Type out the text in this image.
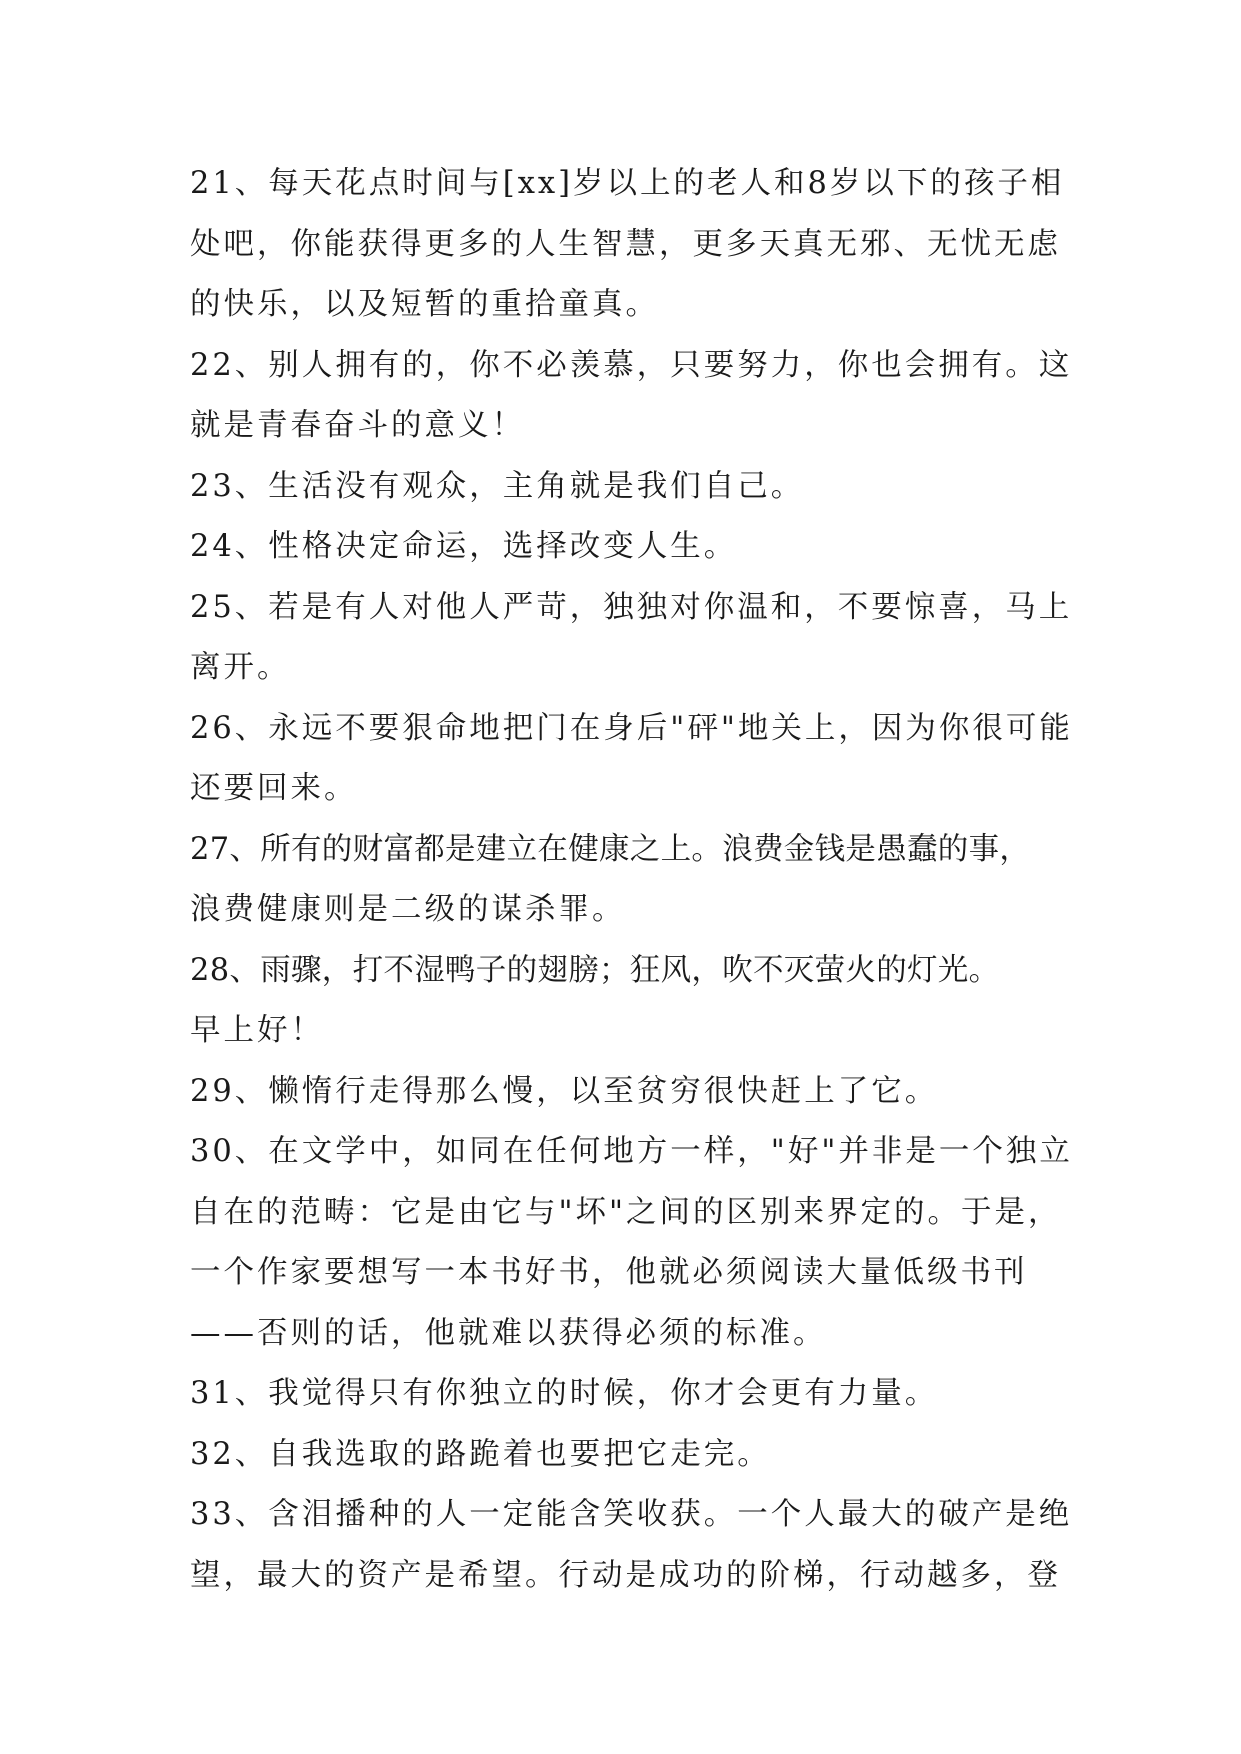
21、每天花点时间与[xx]岁以上的老人和8岁以下的孩子相
处吧，你能获得更多的人生智慧，更多天真无邪、无忧无虑
的快乐，以及短暂的重拾童真。
22、别人拥有的，你不必羡慕，只要努力，你也会拥有。这
就是青春奋斗的意义！
23、生活没有观众，主角就是我们自己。
24、性格决定命运，选择改变人生。
25、若是有人对他人严苛，独独对你温和，不要惊喜，马上
离开。
26、永远不要狠命地把门在身后"砰"地关上，因为你很可能
还要回来。
27、所有的财富都是建立在健康之上。浪费金钱是愚蠢的事，
浪费健康则是二级的谋杀罪。
28、雨骤，打不湿鸭子的翅膀；狂风，吹不灭萤火的灯光。
早上好！
29、懒惰行走得那么慢，以至贫穷很快赶上了它。
30、在文学中，如同在任何地方一样，"好"并非是一个独立
自在的范畴：它是由它与"坏"之间的区别来界定的。于是，
一个作家要想写一本书好书，他就必须阅读大量低级书刊
——否则的话，他就难以获得必须的标准。
31、我觉得只有你独立的时候，你才会更有力量。
32、自我选取的路跪着也要把它走完。
33、含泪播种的人一定能含笑收获。一个人最大的破产是绝
望，最大的资产是希望。行动是成功的阶梯，行动越多，登
